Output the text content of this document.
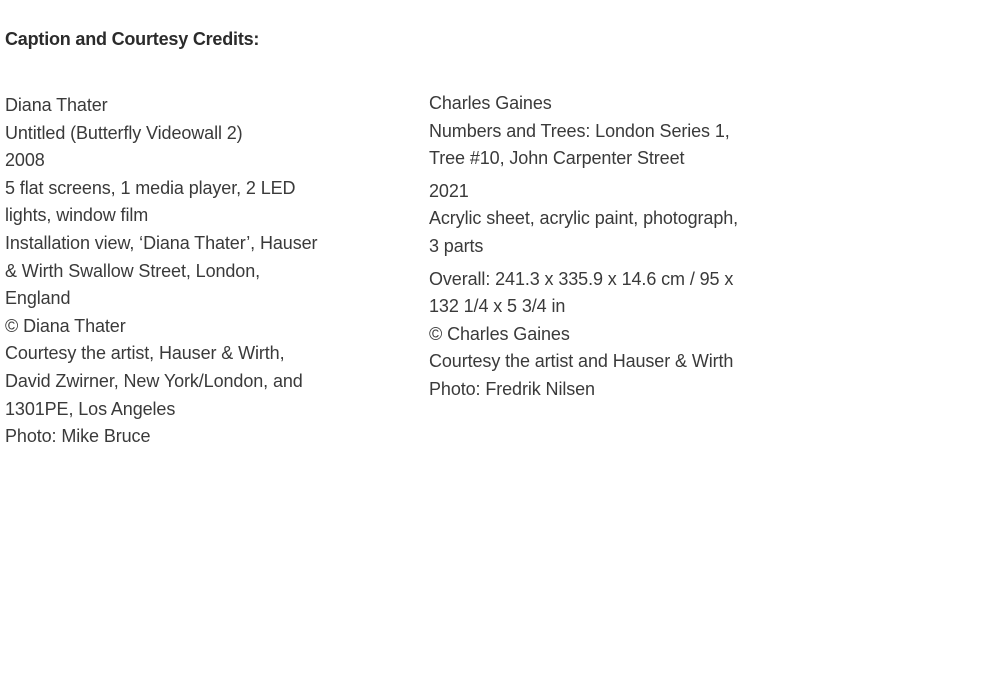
Caption and Courtesy Credits:
Diana Thater
Untitled (Butterfly Videowall 2)
2008
5 flat screens, 1 media player, 2 LED
lights, window film
Installation view, ‘Diana Thater’, Hauser
& Wirth Swallow Street, London,
England
© Diana Thater
Courtesy the artist, Hauser & Wirth,
David Zwirner, New York/London, and
1301PE, Los Angeles
Photo: Mike Bruce
Charles Gaines
Numbers and Trees: London Series 1,
Tree #10, John Carpenter Street
2021
Acrylic sheet, acrylic paint, photograph,
3 parts
Overall: 241.3 x 335.9 x 14.6 cm / 95 x
132 1/4 x 5 3/4 in
© Charles Gaines
Courtesy the artist and Hauser & Wirth
Photo: Fredrik Nilsen
